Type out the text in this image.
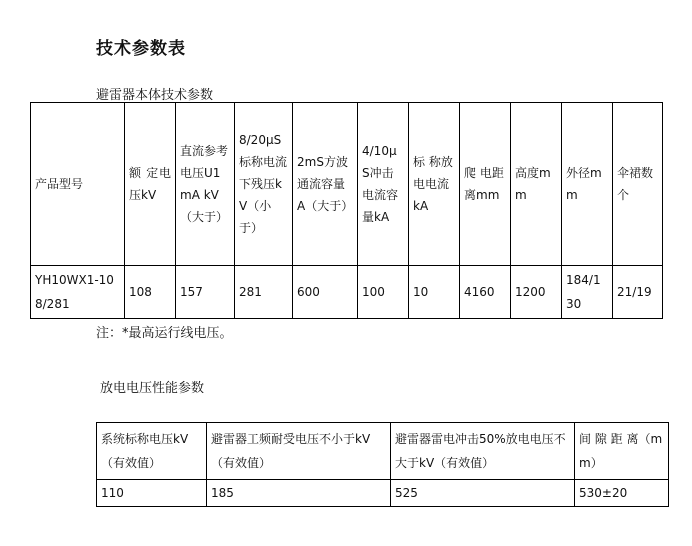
技术参数表
避雷器本体技术参数
产品型号	额 定电压kV	直流参考电压U1mA kV（大于）	8/20μS标称电流下残压kV（小于）	2mS方波通流容量A（大于）	4/10μS冲击电流容量kA	标 称放 电电流kA	爬 电距离mm	高度mm	外径mm	伞裙数个
YH10WX1-108/281	108	157	281	600	100	10	4160	1200	184/130	21/19
注：*最高运行线电压。
放电电压性能参数
系统标称电压kV（有效值）	避雷器工频耐受电压不小于kV（有效值）	避雷器雷电冲击50%放电电压不大于kV（有效值）	间 隙 距 离（mm）
110	185	525	530±20
